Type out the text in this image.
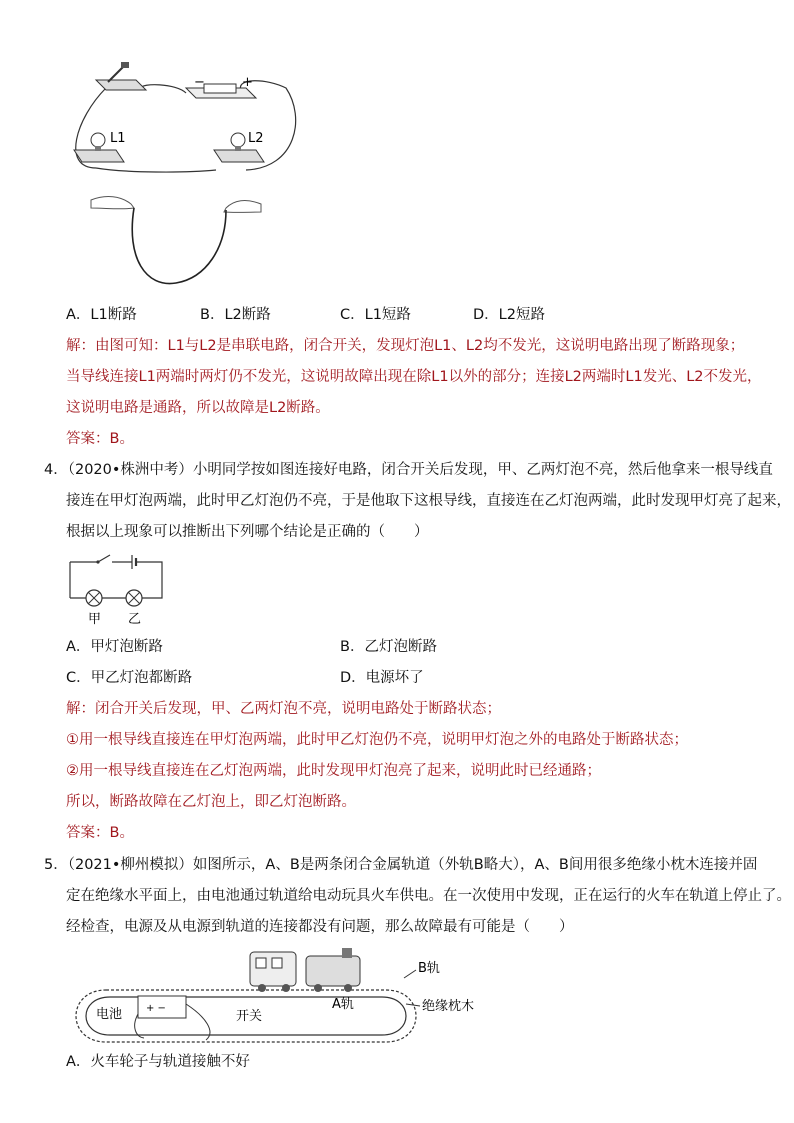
−	+
L1	L2
A．L1断路	B．L2断路	C．L1短路	D．L2短路
解：由图可知：L1与L2是串联电路，闭合开关，发现灯泡L1、L2均不发光，这说明电路出现了断路现象；
当导线连接L1两端时两灯仍不发光，这说明故障出现在除L1以外的部分；连接L2两端时L1发光、L2不发光，
这说明电路是通路，所以故障是L2断路。
答案：B。
4．（2020•株洲中考）小明同学按如图连接好电路，闭合开关后发现，甲、乙两灯泡不亮，然后他拿来一根导线直
接连在甲灯泡两端，此时甲乙灯泡仍不亮，于是他取下这根导线，直接连在乙灯泡两端，此时发现甲灯亮了起来，
根据以上现象可以推断出下列哪个结论是正确的（　　）
甲 乙
A．甲灯泡断路	B．乙灯泡断路
C．甲乙灯泡都断路	D．电源坏了
解：闭合开关后发现，甲、乙两灯泡不亮，说明电路处于断路状态；
①用一根导线直接连在甲灯泡两端，此时甲乙灯泡仍不亮，说明甲灯泡之外的电路处于断路状态；
②用一根导线直接连在乙灯泡两端，此时发现甲灯泡亮了起来，说明此时已经通路；
所以，断路故障在乙灯泡上，即乙灯泡断路。
答案：B。
5．（2021•柳州模拟）如图所示，A、B是两条闭合金属轨道（外轨B略大），A、B间用很多绝缘小枕木连接并固
定在绝缘水平面上，由电池通过轨道给电动玩具火车供电。在一次使用中发现，正在运行的火车在轨道上停止了。
经检查，电源及从电源到轨道的连接都没有问题，那么故障最有可能是（　　）
+ −
电池	开关
A轨
B轨
绝缘枕木
A．火车轮子与轨道接触不好
